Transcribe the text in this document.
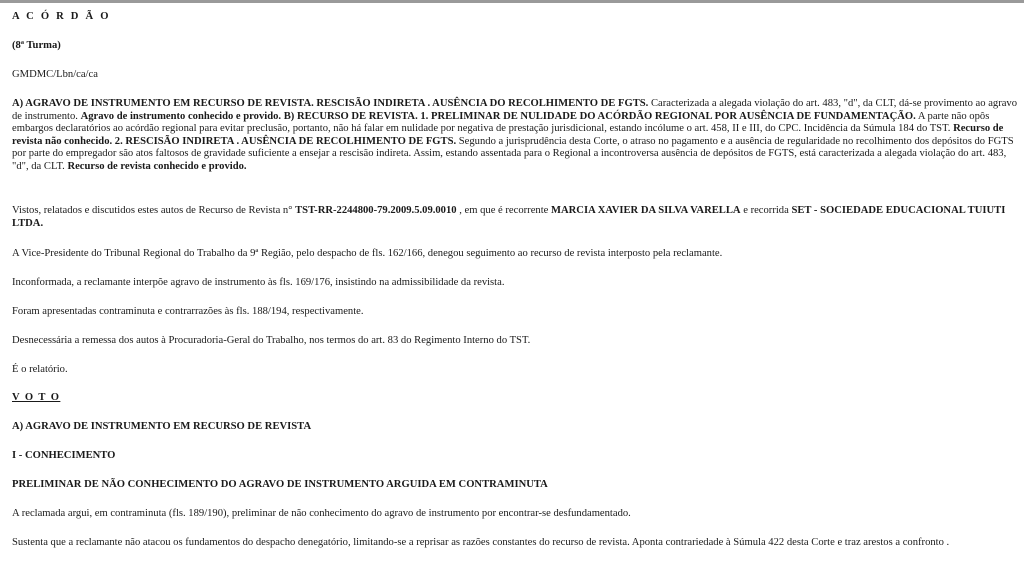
A C Ó R D Ã O

(8ª Turma)

GMDMC/Lbn/ca/ca

A) AGRAVO DE INSTRUMENTO EM RECURSO DE REVISTA. RESCISÃO INDIRETA . AUSÊNCIA DO RECOLHIMENTO DE FGTS. Caracterizada a alegada violação do art. 483, "d", da CLT, dá-se provimento ao agravo de instrumento. Agravo de instrumento conhecido e provido. B) RECURSO DE REVISTA. 1. PRELIMINAR DE NULIDADE DO ACÓRDÃO REGIONAL POR AUSÊNCIA DE FUNDAMENTAÇÃO. A parte não opôs embargos declaratórios ao acórdão regional para evitar preclusão, portanto, não há falar em nulidade por negativa de prestação jurisdicional, estando incólume o art. 458, II e III, do CPC. Incidência da Súmula 184 do TST. Recurso de revista não conhecido. 2. RESCISÃO INDIRETA . AUSÊNCIA DE RECOLHIMENTO DE FGTS. Segundo a jurisprudência desta Corte, o atraso no pagamento e a ausência de regularidade no recolhimento dos depósitos do FGTS por parte do empregador são atos faltosos de gravidade suficiente a ensejar a rescisão indireta. Assim, estando assentada para o Regional a incontroversa ausência de depósitos de FGTS, está caracterizada a alegada violação do art. 483, "d", da CLT. Recurso de revista conhecido e provido.

Vistos, relatados e discutidos estes autos de Recurso de Revista n° TST-RR-2244800-79.2009.5.09.0010 , em que é recorrente MARCIA XAVIER DA SILVA VARELLA e recorrida SET - SOCIEDADE EDUCACIONAL TUIUTI LTDA.

A Vice-Presidente do Tribunal Regional do Trabalho da 9ª Região, pelo despacho de fls. 162/166, denegou seguimento ao recurso de revista interposto pela reclamante.

Inconformada, a reclamante interpõe agravo de instrumento às fls. 169/176, insistindo na admissibilidade da revista.

Foram apresentadas contraminuta e contrarrazões às fls. 188/194, respectivamente.

Desnecessária a remessa dos autos à Procuradoria-Geral do Trabalho, nos termos do art. 83 do Regimento Interno do TST.

É o relatório.

V O T O

A) AGRAVO DE INSTRUMENTO EM RECURSO DE REVISTA

I - CONHECIMENTO

PRELIMINAR DE NÃO CONHECIMENTO DO AGRAVO DE INSTRUMENTO ARGUIDA EM CONTRAMINUTA

A reclamada argui, em contraminuta (fls. 189/190), preliminar de não conhecimento do agravo de instrumento por encontrar-se desfundamentado.

Sustenta que a reclamante não atacou os fundamentos do despacho denegatório, limitando-se a reprisar as razões constantes do recurso de revista. Aponta contrariedade à Súmula 422 desta Corte e traz arestos a confronto .
